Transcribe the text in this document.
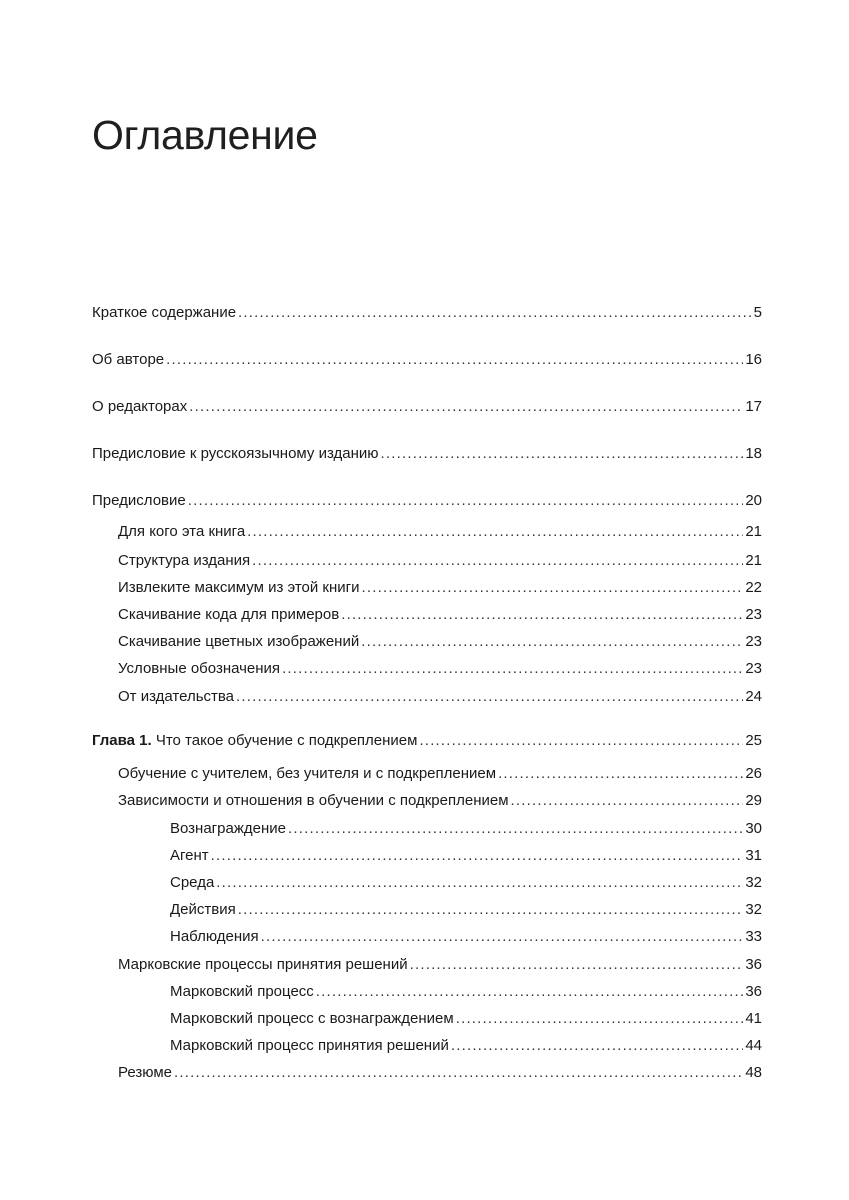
Оглавление
Краткое содержание .....	5
Об авторе .....	16
О редакторах .....	17
Предисловие к русскоязычному изданию .....	18
Предисловие .....	20
Для кого эта книга .....	21
Структура издания .....	21
Извлеките максимум из этой книги .....	22
Скачивание кода для примеров .....	23
Скачивание цветных изображений .....	23
Условные обозначения .....	23
От издательства .....	24
Глава 1. Что такое обучение с подкреплением .....	25
Обучение с учителем, без учителя и с подкреплением .....	26
Зависимости и отношения в обучении с подкреплением .....	29
Вознаграждение .....	30
Агент .....	31
Среда .....	32
Действия .....	32
Наблюдения .....	33
Марковские процессы принятия решений .....	36
Марковский процесс .....	36
Марковский процесс с вознаграждением .....	41
Марковский процесс принятия решений .....	44
Резюме .....	48
